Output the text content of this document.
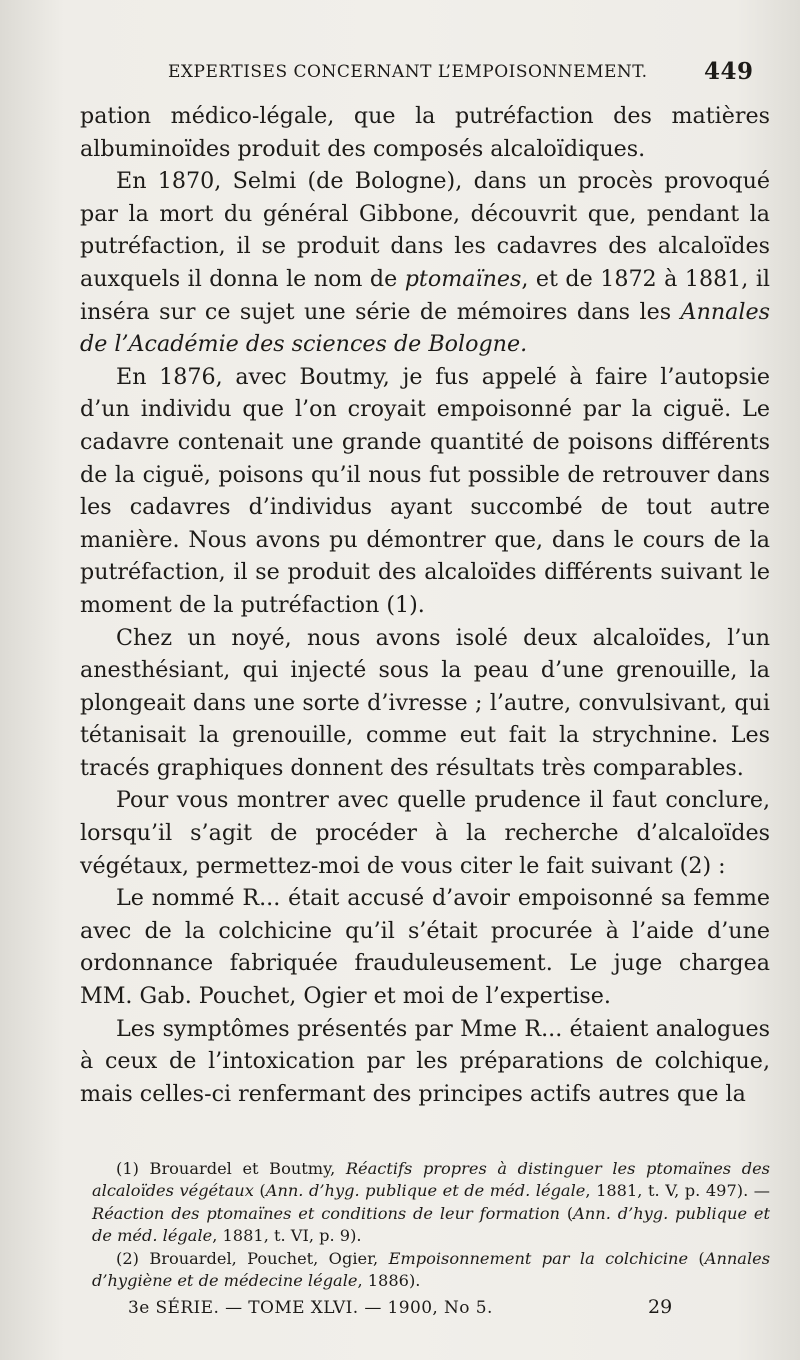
EXPERTISES CONCERNANT L’EMPOISONNEMENT. 449

pation médico-légale, que la putréfaction des matières albuminoïdes produit des composés alcaloïdiques.

En 1870, Selmi (de Bologne), dans un procès provoqué par la mort du général Gibbone, découvrit que, pendant la putréfaction, il se produit dans les cadavres des alcaloïdes auxquels il donna le nom de ptomaïnes, et de 1872 à 1881, il inséra sur ce sujet une série de mémoires dans les Annales de l’Académie des sciences de Bologne.

En 1876, avec Boutmy, je fus appelé à faire l’autopsie d’un individu que l’on croyait empoisonné par la ciguë. Le cadavre contenait une grande quantité de poisons différents de la ciguë, poisons qu’il nous fut possible de retrouver dans les cadavres d’individus ayant succombé de tout autre manière. Nous avons pu démontrer que, dans le cours de la putréfaction, il se produit des alcaloïdes différents suivant le moment de la putréfaction (1).

Chez un noyé, nous avons isolé deux alcaloïdes, l’un anesthésiant, qui injecté sous la peau d’une grenouille, la plongeait dans une sorte d’ivresse ; l’autre, convulsivant, qui tétanisait la grenouille, comme eut fait la strychnine. Les tracés graphiques donnent des résultats très comparables.

Pour vous montrer avec quelle prudence il faut conclure, lorsqu’il s’agit de procéder à la recherche d’alcaloïdes végétaux, permettez-moi de vous citer le fait suivant (2) :

Le nommé R... était accusé d’avoir empoisonné sa femme avec de la colchicine qu’il s’était procurée à l’aide d’une ordonnance fabriquée frauduleusement. Le juge chargea MM. Gab. Pouchet, Ogier et moi de l’expertise.

Les symptômes présentés par Mme R... étaient analogues à ceux de l’intoxication par les préparations de colchique, mais celles-ci renfermant des principes actifs autres que la

(1) Brouardel et Boutmy, Réactifs propres à distinguer les ptomaïnes des alcaloïdes végétaux (Ann. d’hyg. publique et de méd. légale, 1881, t. V, p. 497). — Réaction des ptomaïnes et conditions de leur formation (Ann. d’hyg. publique et de méd. légale, 1881, t. VI, p. 9).

(2) Brouardel, Pouchet, Ogier, Empoisonnement par la colchicine (Annales d’hygiène et de médecine légale, 1886).

3e SÉRIE. — TOME XLVI. — 1900, No 5.	29
